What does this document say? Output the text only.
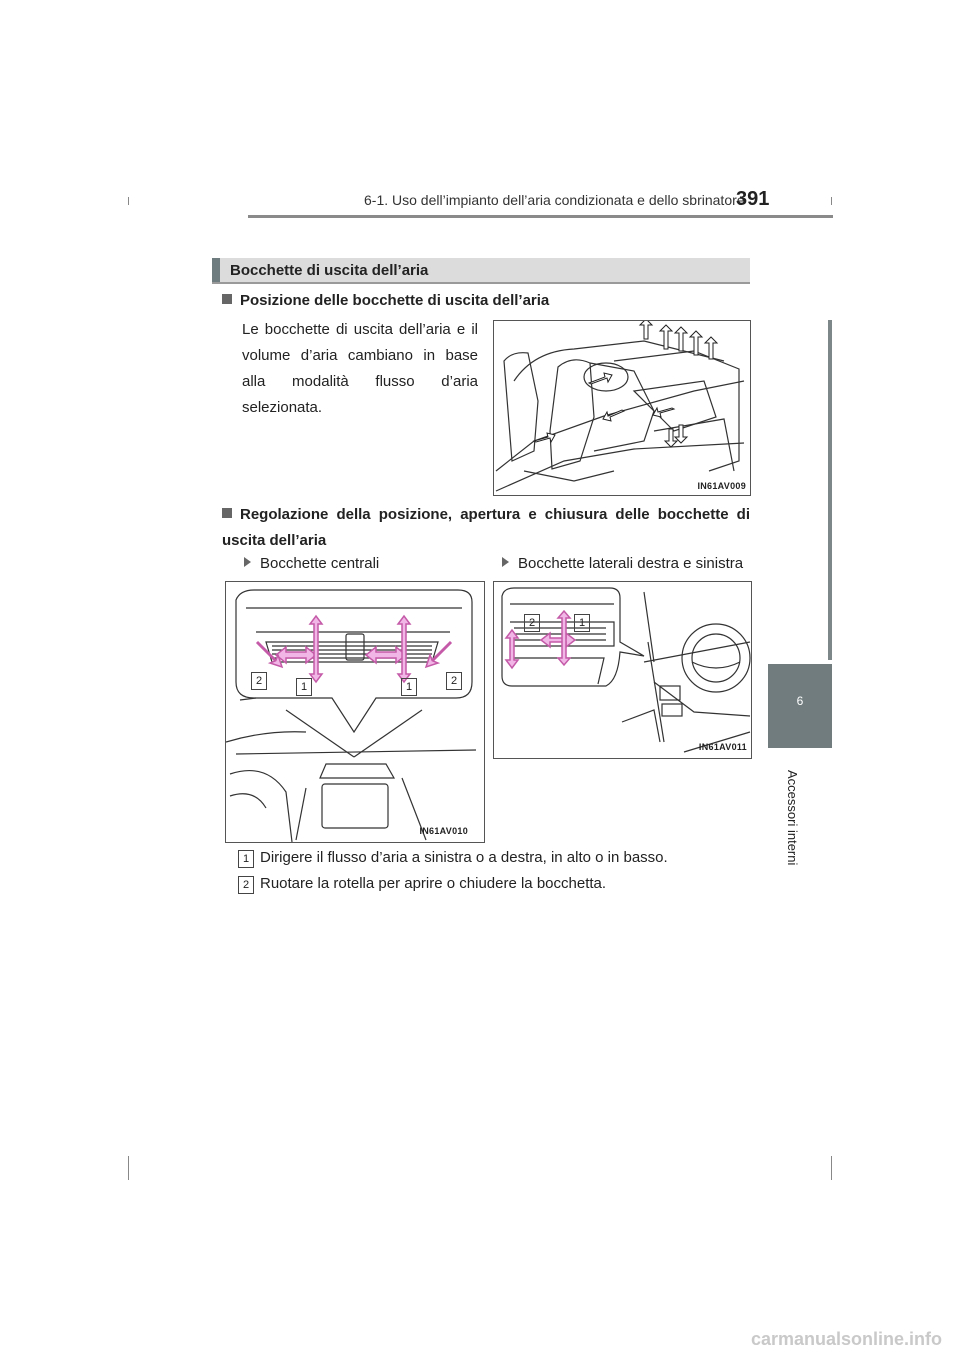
6-1. Uso dell’impianto dell’aria condizionata e dello sbrinatore
391
Bocchette di uscita dell’aria
Posizione delle bocchette di uscita dell’aria
Le bocchette di uscita dell’aria e il volume d’aria cambiano in base alla modalità flusso d’aria selezionata.
IN61AV009
Regolazione della posizione, apertura e chiusura delle bocchette di uscita dell’aria
Bocchette centrali	Bocchette laterali destra e sinistra
2	1	1	2
IN61AV010
2	1
IN61AV011
1 Dirigere il flusso d’aria a sinistra o a destra, in alto o in basso.
2 Ruotare la rotella per aprire o chiudere la bocchetta.
6
Accessori interni
carmanualsonline.info
